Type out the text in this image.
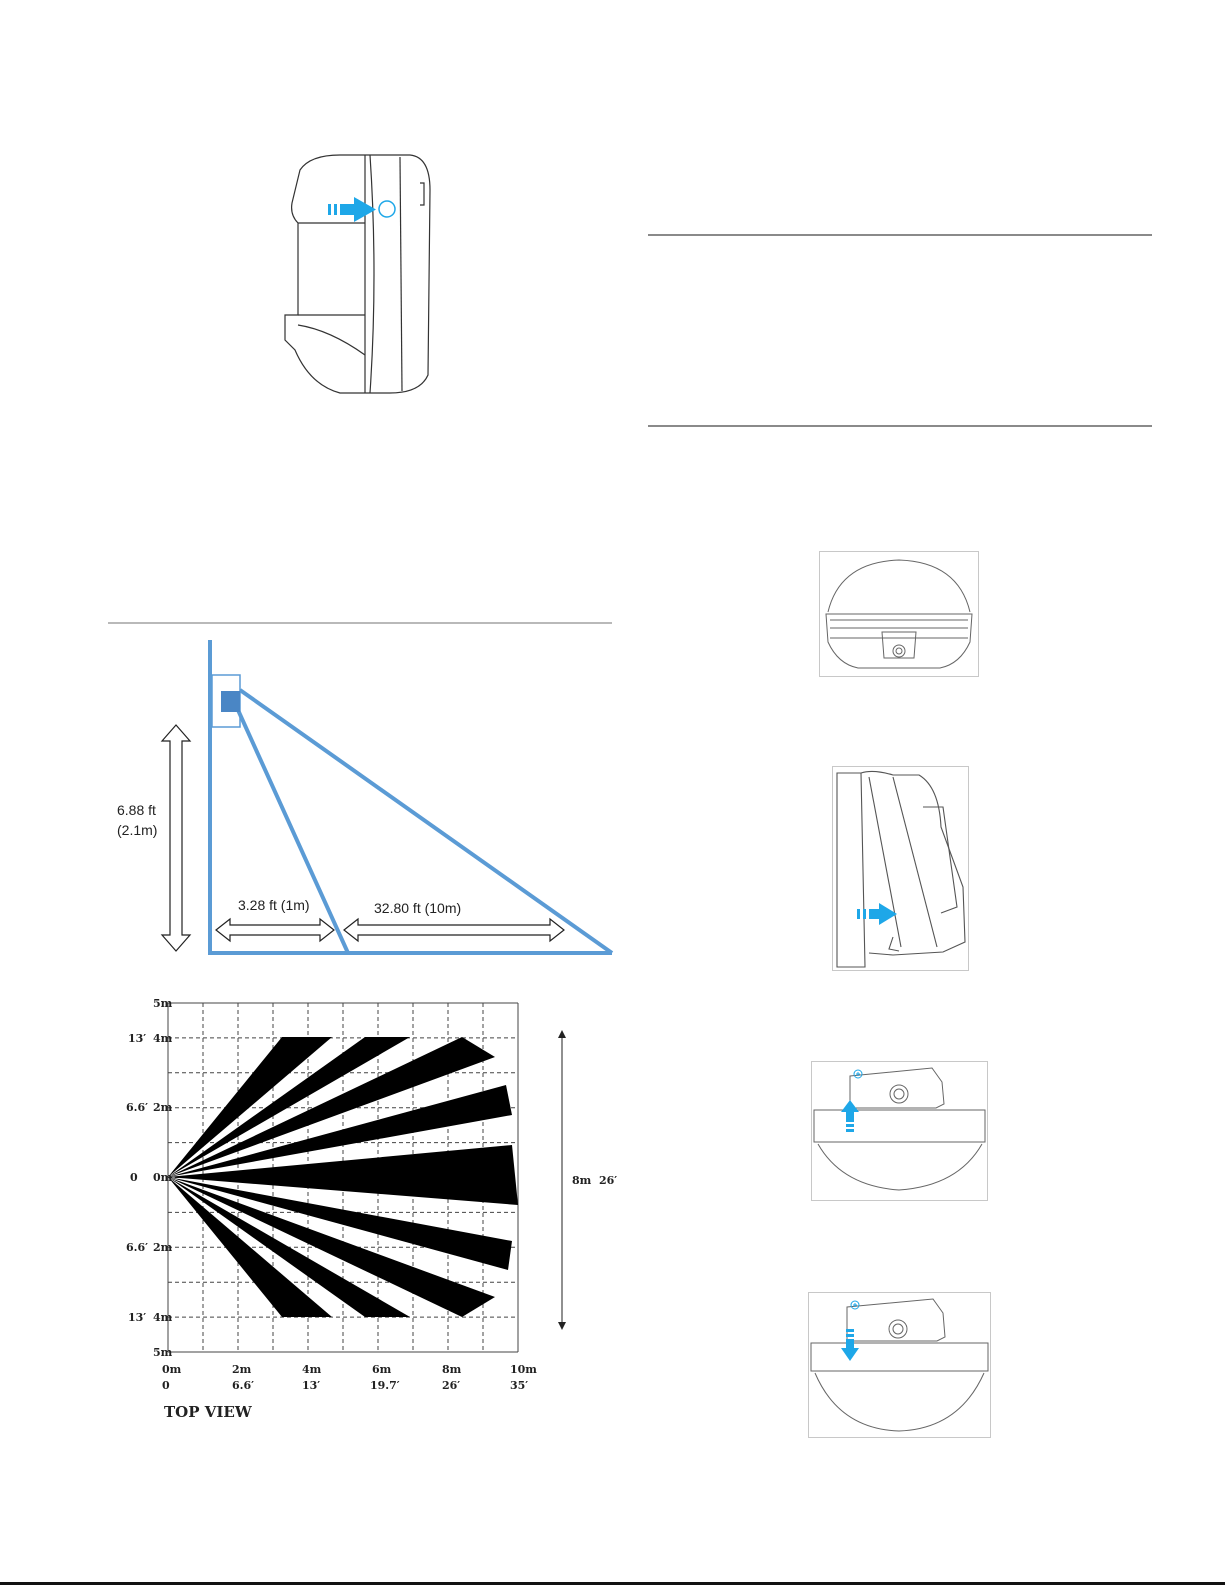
6.88 ft
(2.1m)
3.28 ft (1m)	32.80 ft (10m)
5m
13′ 4m
6.6′ 2m
0 0m
6.6′ 2m
13′ 4m
5m
0m	2m	4m	6m	8m	10m
0	6.6′	13′	19.7′	26′	35′
TOP VIEW
8m  26′
